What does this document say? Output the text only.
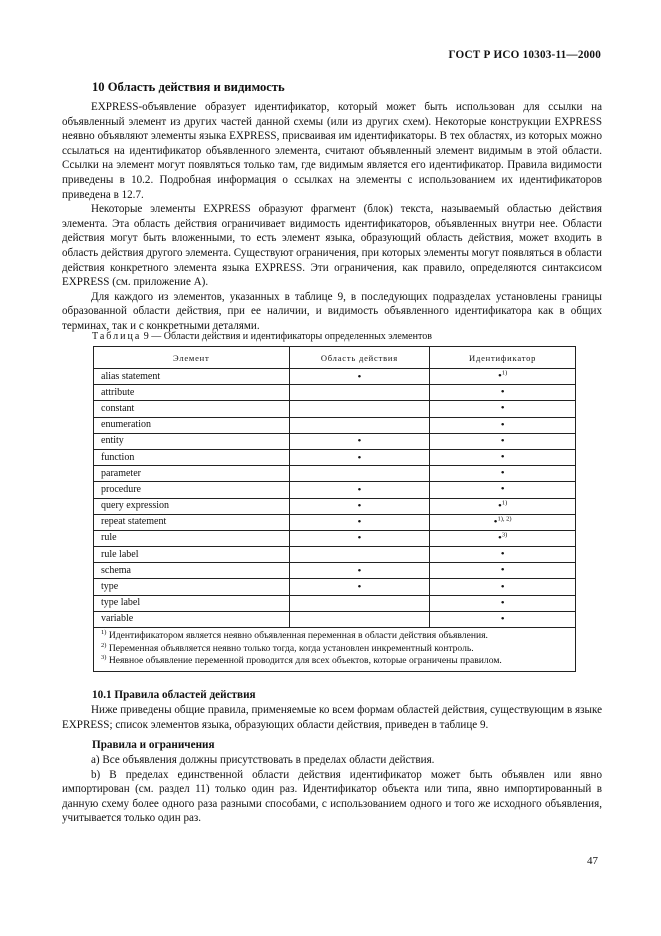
ГОСТ Р ИСО 10303-11—2000
10 Область действия и видимость

EXPRESS-объявление образует идентификатор, который может быть использован для ссылки на объявленный элемент из других частей данной схемы (или из других схем). Некоторые конструкции EXPRESS неявно объявляют элементы языка EXPRESS, присваивая им идентификаторы. В тех областях, из которых можно ссылаться на идентификатор объявленного элемента, считают объявленный элемент видимым в этой области. Ссылки на элемент могут появляться только там, где видимым является его идентификатор. Правила видимости приведены в 10.2. Подробная информация о ссылках на элементы с использованием их идентификаторов приведена в 12.7.

Некоторые элементы EXPRESS образуют фрагмент (блок) текста, называемый областью действия элемента. Эта область действия ограничивает видимость идентификаторов, объявленных внутри нее. Области действия могут быть вложенными, то есть элемент языка, образующий область действия, может входить в область действия другого элемента. Существуют ограничения, при которых элементы могут появляться в области действия конкретного элемента языка EXPRESS. Эти ограничения, как правило, определяются синтаксисом EXPRESS (см. приложение А).

Для каждого из элементов, указанных в таблице 9, в последующих подразделах установлены границы образованной области действия, при ее наличии, и видимость объявленного идентификатора как в общих терминах, так и с конкретными деталями.

Таблица 9 — Области действия и идентификаторы определенных элементов
Элемент	Область действия	Идентификатор
alias statement	•	•$^{1)}$
attribute		•
constant		•
enumeration		•
entity	•	•
function	•	•
parameter		•
procedure	•	•
query expression	•	•$^{1)}$
repeat statement	•	•$^{1), 2)}$
rule	•	•$^{3)}$
rule label		•
schema	•	•
type	•	•
type label		•
variable		•

$^{1)}$ Идентификатором является неявно объявленная переменная в области действия объявления.
$^{2)}$ Переменная объявляется неявно только тогда, когда установлен инкрементный контроль.
$^{3)}$ Неявное объявление переменной проводится для всех объектов, которые ограничены правилом.		
10.1 Правила областей действия

Ниже приведены общие правила, применяемые ко всем формам областей действия, существующим в языке EXPRESS; список элементов языка, образующих области действия, приведен в таблице 9.

Правила и ограничения

а) Все объявления должны присутствовать в пределах области действия.

b) В пределах единственной области действия идентификатор может быть объявлен или явно импортирован (см. раздел 11) только один раз. Идентификатор объекта или типа, явно импортированный в данную схему более одного раза разными способами, с использованием одного и того же исходного объявления, учитывается только один раз.

47
